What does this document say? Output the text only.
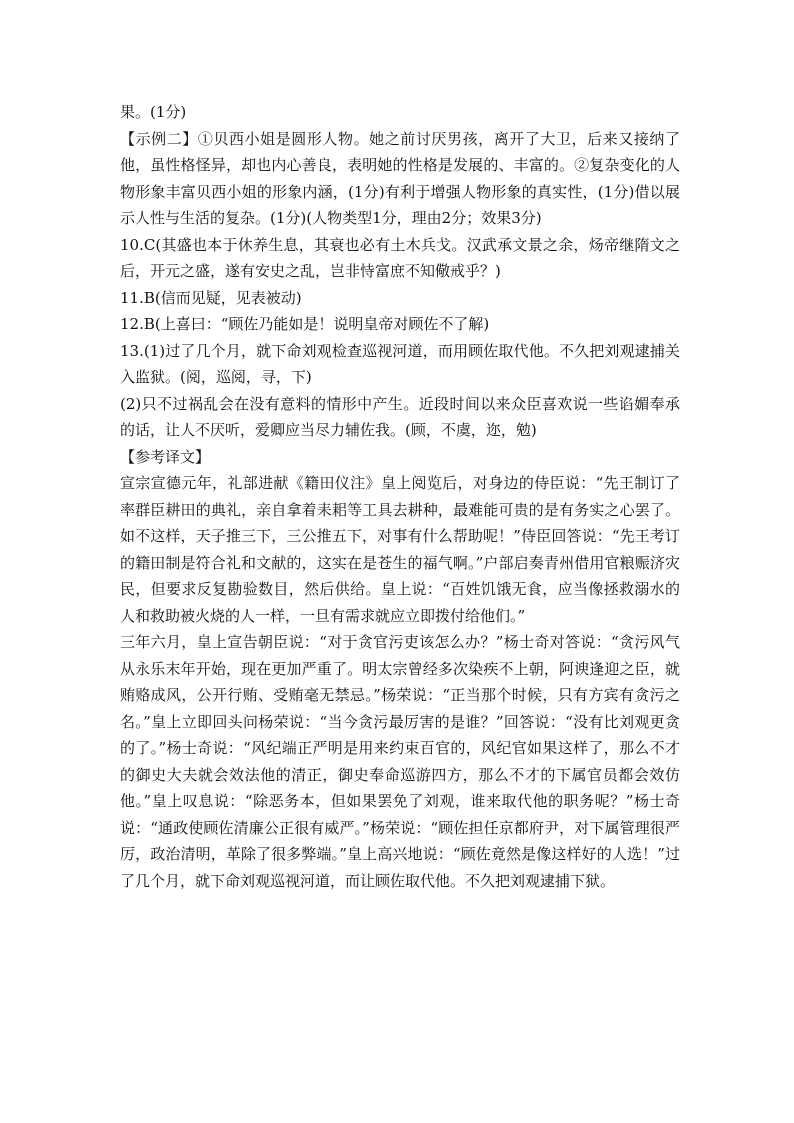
果。(1分)

【示例二】①贝西小姐是圆形人物。她之前讨厌男孩，离开了大卫，后来又接纳了他，虽性格怪异，却也内心善良，表明她的性格是发展的、丰富的。②复杂变化的人物形象丰富贝西小姐的形象内涵，(1分)有利于增强人物形象的真实性，(1分)借以展示人性与生活的复杂。(1分)(人物类型1分，理由2分；效果3分)

10.C(其盛也本于休养生息，其衰也必有土木兵戈。汉武承文景之余，炀帝继隋文之后，开元之盛，遂有安史之乱，岂非恃富庶不知儆戒乎？)

11.B(信而见疑，见表被动)

12.B(上喜曰：“顾佐乃能如是！说明皇帝对顾佐不了解)

13.(1)过了几个月，就下命刘观检查巡视河道，而用顾佐取代他。不久把刘观逮捕关入监狱。(阅，巡阅，寻，下)

(2)只不过祸乱会在没有意料的情形中产生。近段时间以来众臣喜欢说一些谄媚奉承的话，让人不厌听，爱卿应当尽力辅佐我。(顾，不虞，迩，勉)

【参考译文】

宣宗宣德元年，礼部进献《籍田仪注》皇上阅览后，对身边的侍臣说：“先王制订了率群臣耕田的典礼，亲自拿着耒耜等工具去耕种，最难能可贵的是有务实之心罢了。如不这样，天子推三下，三公推五下，对事有什么帮助呢！”侍臣回答说：“先王考订的籍田制是符合礼和文献的，这实在是苍生的福气啊。”户部启奏青州借用官粮赈济灾民，但要求反复勘验数目，然后供给。皇上说：“百姓饥饿无食，应当像拯救溺水的人和救助被火烧的人一样，一旦有需求就应立即拨付给他们。”

三年六月，皇上宣告朝臣说：“对于贪官污吏该怎么办？”杨士奇对答说：“贪污风气从永乐末年开始，现在更加严重了。明太宗曾经多次染疾不上朝，阿谀逢迎之臣，就贿赂成风，公开行贿、受贿毫无禁忌。”杨荣说：“正当那个时候，只有方宾有贪污之名。”皇上立即回头问杨荣说：“当今贪污最厉害的是谁？”回答说：“没有比刘观更贪的了。”杨士奇说：“风纪端正严明是用来约束百官的，风纪官如果这样了，那么不才的御史大夫就会效法他的清正，御史奉命巡游四方，那么不才的下属官员都会效仿他。”皇上叹息说：“除恶务本，但如果罢免了刘观，谁来取代他的职务呢？”杨士奇说：“通政使顾佐清廉公正很有威严。”杨荣说：“顾佐担任京都府尹，对下属管理很严厉，政治清明，革除了很多弊端。”皇上高兴地说：“顾佐竟然是像这样好的人选！”过了几个月，就下命刘观巡视河道，而让顾佐取代他。不久把刘观逮捕下狱。
